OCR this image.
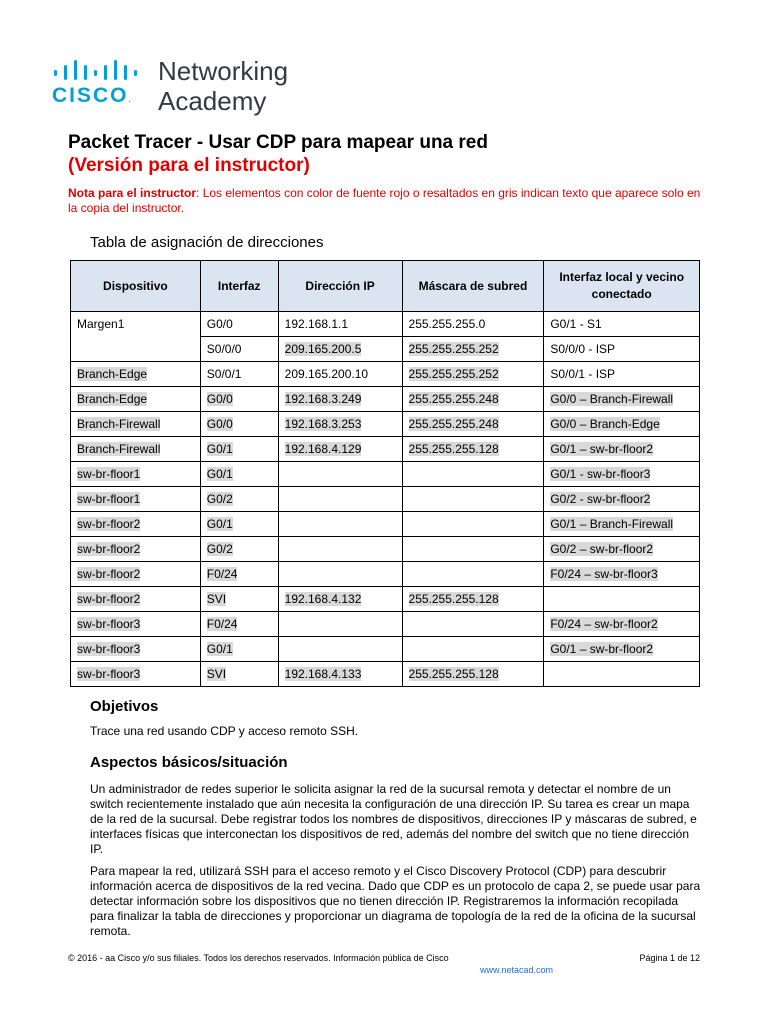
CISCO.
Networking
Academy
Packet Tracer - Usar CDP para mapear una red
(Versión para el instructor)
Nota para el instructor: Los elementos con color de fuente rojo o resaltados en gris indican texto que aparece solo en la copia del instructor.
Tabla de asignación de direcciones
Dispositivo	Interfaz	Dirección IP	Máscara de subred	Interfaz local y vecino conectado
Margen1	G0/0	192.168.1.1	255.255.255.0	G0/1 - S1
	S0/0/0	209.165.200.5	255.255.255.252	S0/0/0 - ISP
Branch-Edge	S0/0/1	209.165.200.10	255.255.255.252	S0/0/1 - ISP
Branch-Edge	G0/0	192.168.3.249	255.255.255.248	G0/0 – Branch-Firewall
Branch-Firewall	G0/0	192.168.3.253	255.255.255.248	G0/0 – Branch-Edge
Branch-Firewall	G0/1	192.168.4.129	255.255.255.128	G0/1 – sw-br-floor2
sw-br-floor1	G0/1			G0/1 - sw-br-floor3
sw-br-floor1	G0/2			G0/2 - sw-br-floor2
sw-br-floor2	G0/1			G0/1 – Branch-Firewall
sw-br-floor2	G0/2			G0/2 – sw-br-floor2
sw-br-floor2	F0/24			F0/24 – sw-br-floor3
sw-br-floor2	SVI	192.168.4.132	255.255.255.128	
sw-br-floor3	F0/24			F0/24 – sw-br-floor2
sw-br-floor3	G0/1			G0/1 – sw-br-floor2
sw-br-floor3	SVI	192.168.4.133	255.255.255.128	
Objetivos
Trace una red usando CDP y acceso remoto SSH.
Aspectos básicos/situación
Un administrador de redes superior le solicita asignar la red de la sucursal remota y detectar el nombre de un switch recientemente instalado que aún necesita la configuración de una dirección IP. Su tarea es crear un mapa de la red de la sucursal. Debe registrar todos los nombres de dispositivos, direcciones IP y máscaras de subred, e interfaces físicas que interconectan los dispositivos de red, además del nombre del switch que no tiene dirección IP.
Para mapear la red, utilizará SSH para el acceso remoto y el Cisco Discovery Protocol (CDP) para descubrir información acerca de dispositivos de la red vecina. Dado que CDP es un protocolo de capa 2, se puede usar para detectar información sobre los dispositivos que no tienen dirección IP. Registraremos la información recopilada para finalizar la tabla de direcciones y proporcionar un diagrama de topología de la red de la oficina de la sucursal remota.
© 2016 - aa Cisco y/o sus filiales. Todos los derechos reservados. Información pública de Cisco	Página 1 de 12
www.netacad.com
